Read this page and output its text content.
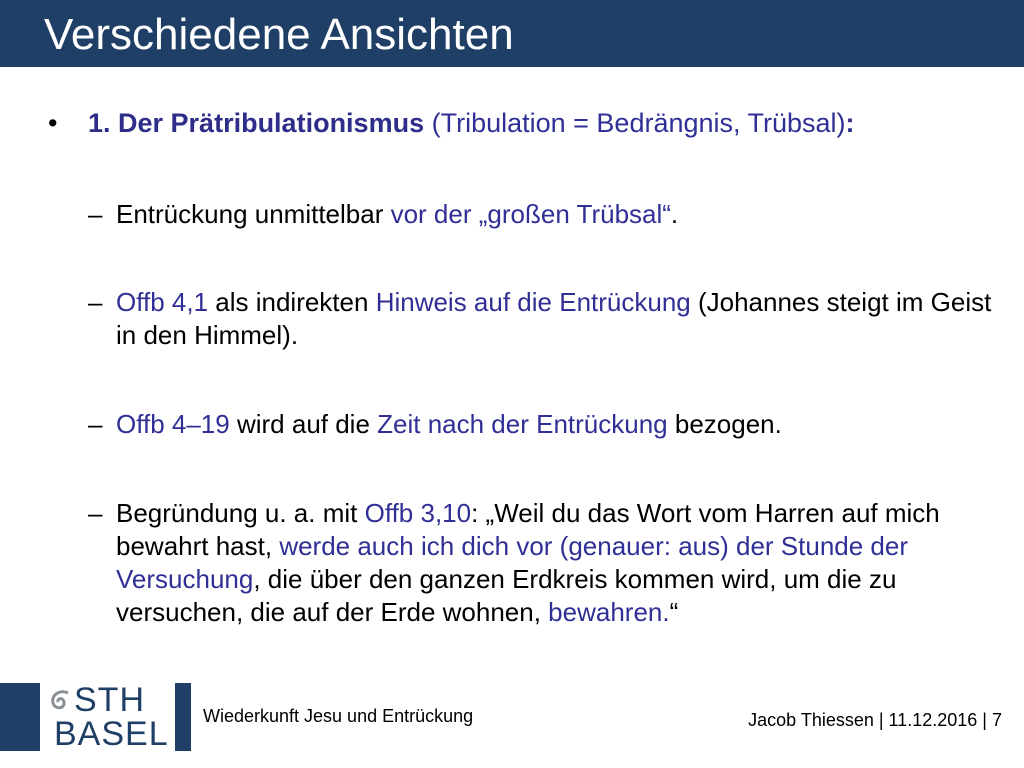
Verschiedene Ansichten
• 1. Der Prätribulationismus (Tribulation = Bedrängnis, Trübsal):
– Entrückung unmittelbar vor der „großen Trübsal“.
– Offb 4,1 als indirekten Hinweis auf die Entrückung (Johannes steigt im Geist in den Himmel).
– Offb 4–19 wird auf die Zeit nach der Entrückung bezogen.
– Begründung u. a. mit Offb 3,10: „Weil du das Wort vom Harren auf mich bewahrt hast, werde auch ich dich vor (genauer: aus) der Stunde der Versuchung, die über den ganzen Erdkreis kommen wird, um die zu versuchen, die auf der Erde wohnen, bewahren.“
STH
BASEL Wiederkunft Jesu und Entrückung	Jacob Thiessen | 11.12.2016 | 7
